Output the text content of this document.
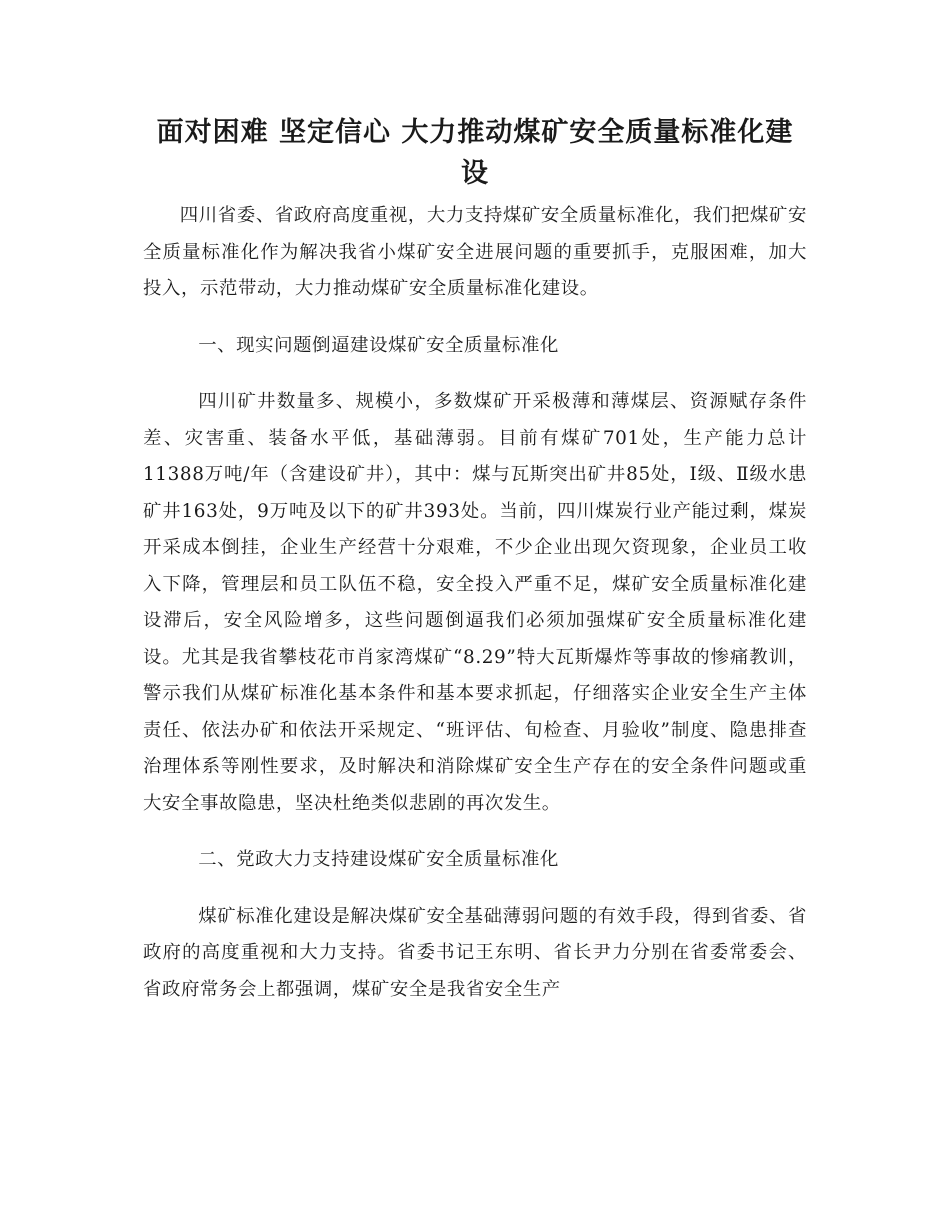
面对困难 坚定信心 大力推动煤矿安全质量标准化建设

四川省委、省政府高度重视，大力支持煤矿安全质量标准化，我们把煤矿安全质量标准化作为解决我省小煤矿安全进展问题的重要抓手，克服困难，加大投入，示范带动，大力推动煤矿安全质量标准化建设。

一、现实问题倒逼建设煤矿安全质量标准化

四川矿井数量多、规模小，多数煤矿开采极薄和薄煤层、资源赋存条件差、灾害重、装备水平低，基础薄弱。目前有煤矿701处，生产能力总计11388万吨/年（含建设矿井），其中：煤与瓦斯突出矿井85处，Ⅰ级、Ⅱ级水患矿井163处，9万吨及以下的矿井393处。当前，四川煤炭行业产能过剩，煤炭开采成本倒挂，企业生产经营十分艰难，不少企业出现欠资现象，企业员工收入下降，管理层和员工队伍不稳，安全投入严重不足，煤矿安全质量标准化建设滞后，安全风险增多，这些问题倒逼我们必须加强煤矿安全质量标准化建设。尤其是我省攀枝花市肖家湾煤矿“8.29”特大瓦斯爆炸等事故的惨痛教训，警示我们从煤矿标准化基本条件和基本要求抓起，仔细落实企业安全生产主体责任、依法办矿和依法开采规定、“班评估、旬检查、月验收”制度、隐患排查治理体系等刚性要求，及时解决和消除煤矿安全生产存在的安全条件问题或重大安全事故隐患，坚决杜绝类似悲剧的再次发生。

二、党政大力支持建设煤矿安全质量标准化

煤矿标准化建设是解决煤矿安全基础薄弱问题的有效手段，得到省委、省政府的高度重视和大力支持。省委书记王东明、省长尹力分别在省委常委会、省政府常务会上都强调，煤矿安全是我省安全生产
